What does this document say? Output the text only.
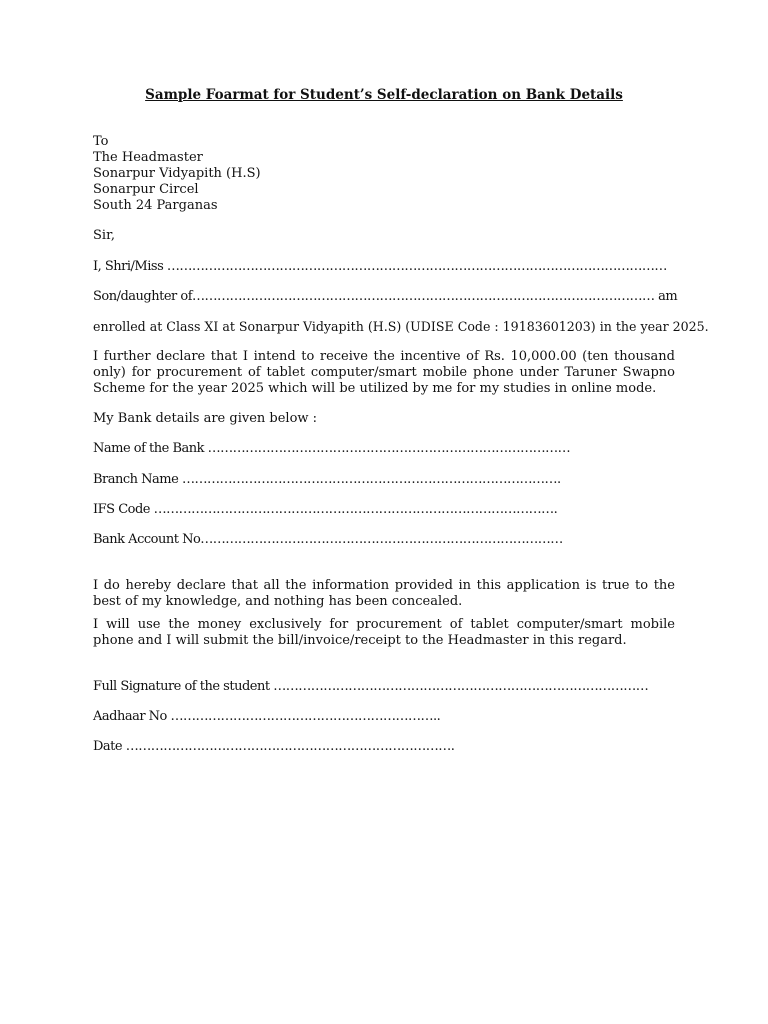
Sample Foarmat for Student’s Self-declaration on Bank Details
To
The Headmaster
Sonarpur Vidyapith (H.S)
Sonarpur Circel
South 24 Parganas
Sir,
I, Shri/Miss …………………………………………………………………………………………………………
Son/daughter of………………………………………………………………………………………………… am
enrolled at Class XI at Sonarpur Vidyapith (H.S) (UDISE Code : 19183601203) in the year 2025.
I further declare that I intend to receive the incentive of Rs. 10,000.00 (ten thousand only) for procurement of tablet computer/smart mobile phone under Taruner Swapno Scheme for the year 2025 which will be utilized by me for my studies in online mode.
My Bank details are given below :
Name of the Bank ……………………………………………………………………………
Branch Name ……………………………………………………………………………….
IFS Code …………………………………………………………………………………….
Bank Account No……………………………………………………………………………
I do hereby declare that all the information provided in this application is true to the best of my knowledge, and nothing has been concealed.
I will use the money exclusively for procurement of tablet computer/smart mobile phone and I will submit the bill/invoice/receipt to the Headmaster in this regard.
Full Signature of the student ………………………………………………………………………………
Aadhaar No ………………………………………………………..
Date …………………………………………………………………….
